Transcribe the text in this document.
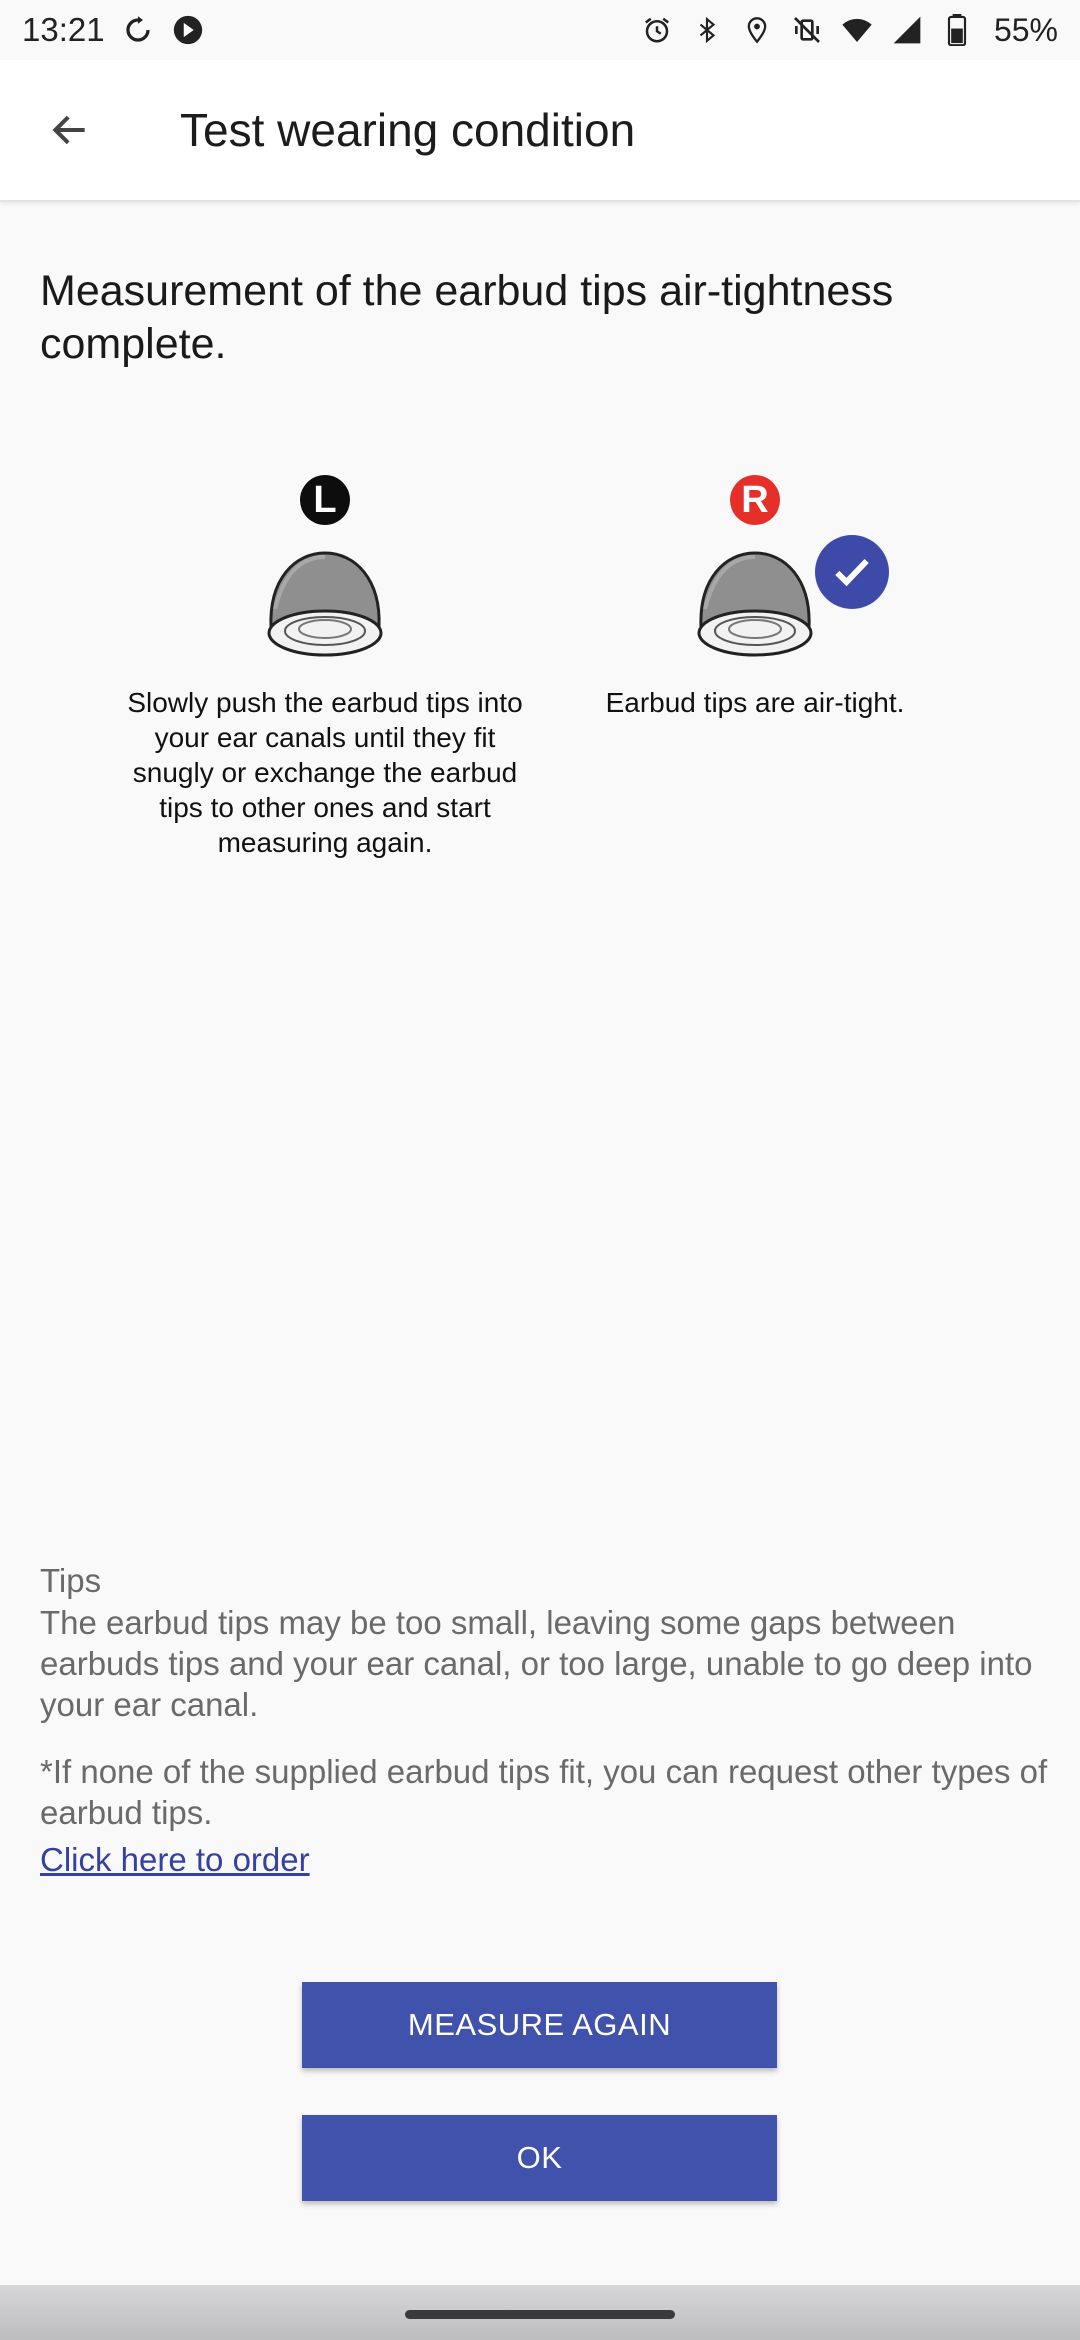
13:21	55%
Test wearing condition
Measurement of the earbud tips air-tightness complete.
L
Slowly push the earbud tips into your ear canals until they fit snugly or exchange the earbud tips to other ones and start measuring again.
R
Earbud tips are air-tight.
Tips
The earbud tips may be too small, leaving some gaps between earbuds tips and your ear canal, or too large, unable to go deep into your ear canal.
*If none of the supplied earbud tips fit, you can request other types of earbud tips.
Click here to order
MEASURE AGAIN
OK
